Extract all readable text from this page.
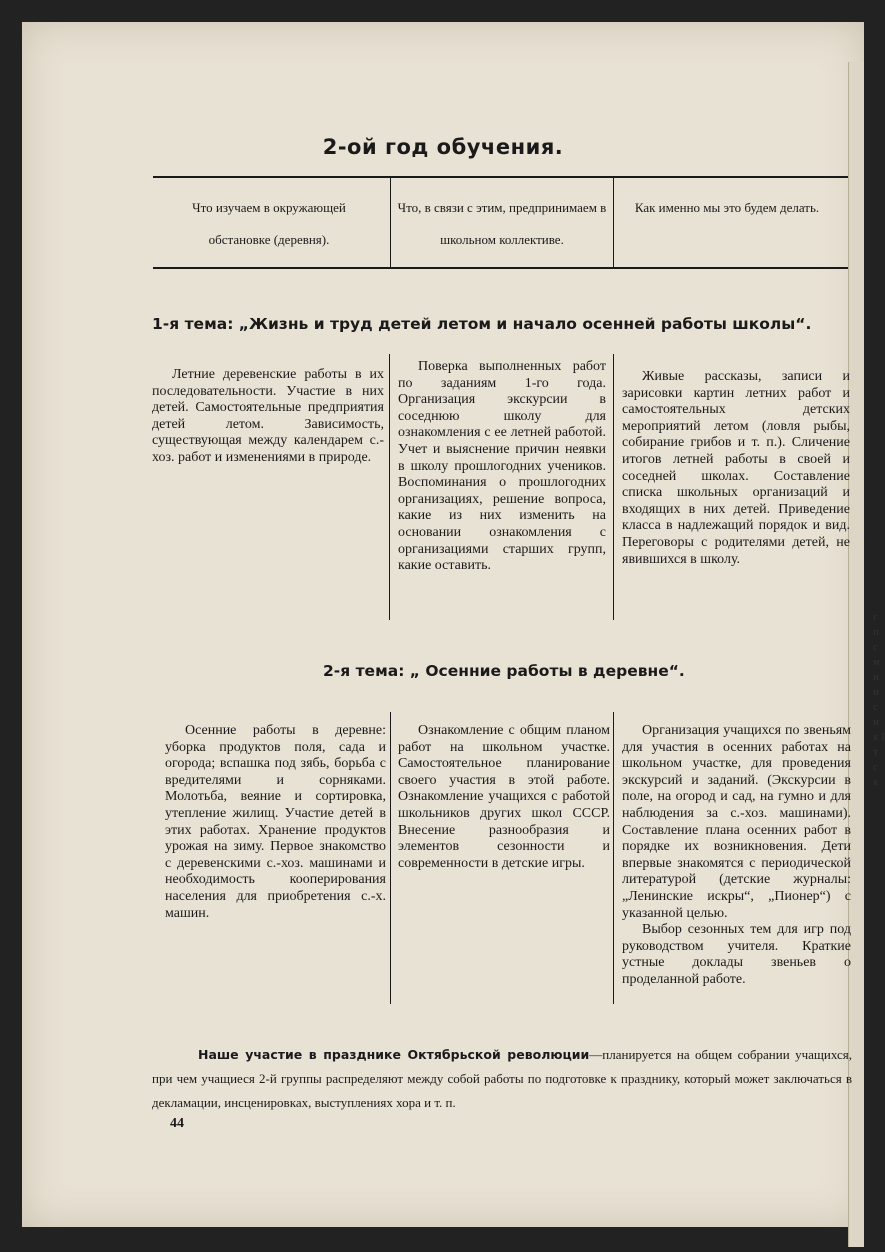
2-ой год обучения.
Что изучаем в окружающей обстановке (деревня).
Что, в связи с этим, предпринимаем в школьном коллективе.
Как именно мы это будем делать.
1-я тема: „Жизнь и труд детей летом и начало осенней работы школы“.
Летние деревенские работы в их последовательности. Участие в них детей. Самостоятельные предприятия детей летом. Зависимость, существующая между календарем с.-хоз. работ и изменениями в природе.
Поверка выполненных работ по заданиям 1-го года. Организация экскурсии в соседнюю школу для ознакомления с ее летней работой. Учет и выяснение причин неявки в школу прошлогодних учеников. Воспоминания о прошлогодних организациях, решение вопроса, какие из них изменить на основании ознакомления с организациями старших групп, какие оставить.
Живые рассказы, записи и зарисовки картин летних работ и самостоятельных детских мероприятий летом (ловля рыбы, собирание грибов и т. п.). Сличение итогов летней работы в своей и соседней школах. Составление списка школьных организаций и входящих в них детей. Приведение класса в надлежащий порядок и вид. Переговоры с родителями детей, не явившихся в школу.
2-я тема: „ Осенние работы в деревне“.
Осенние работы в деревне: уборка продуктов поля, сада и огорода; вспашка под зябь, борьба с вредителями и сорняками. Молотьба, веяние и сортировка, утепление жилищ. Участие детей в этих работах. Хранение продуктов урожая на зиму. Первое знакомство с деревенскими с.-хоз. машинами и необходимость кооперирования населения для приобретения с.-х. машин.
Ознакомление с общим планом работ на школьном участке. Самостоятельное планирование своего участия в этой работе. Ознакомление учащихся с работой школьников других школ СССР. Внесение разнообразия и элементов сезонности и современности в детские игры.

Организация учащихся по звеньям для участия в осенних работах на школьном участке, для проведения экскурсий и заданий. (Экскурсии в поле, на огород и сад, на гумно и для наблюдения за с.-хоз. машинами). Составление плана осенних работ в порядке их возникновения. Дети впервые знакомятся с периодической литературой (детские журналы: „Ленинские искры“, „Пионер“) с указанной целью.

Выбор сезонных тем для игр под руководством учителя. Краткие устные доклады звеньев о проделанной работе.

Наше участие в празднике Октябрьской революции—планируется на общем собрании учащихся, при чем учащиеся 2-й группы распределяют между собой работы по подготовке к празднику, который может заключаться в декламации, инсценировках, выступлениях хора и т. п.
44
г п с м н и с н к І т с к
